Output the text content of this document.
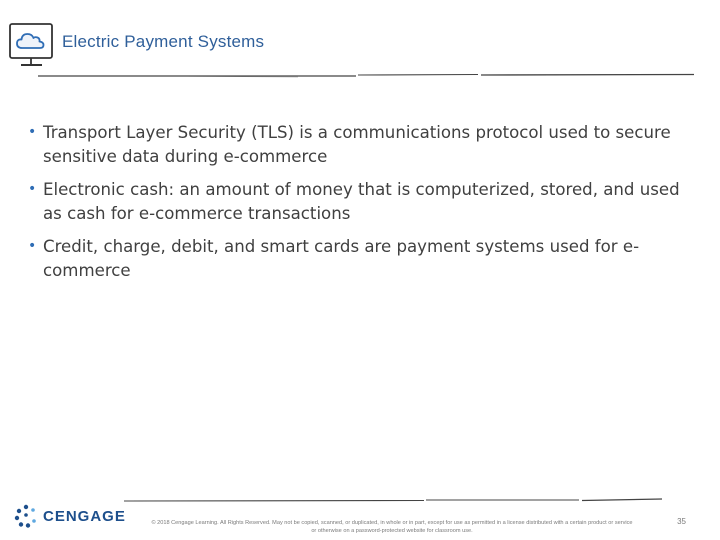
Electric Payment Systems
• Transport Layer Security (TLS) is a communications protocol used to secure sensitive data during e-commerce
• Electronic cash: an amount of money that is computerized, stored, and used as cash for e-commerce transactions
• Credit, charge, debit, and smart cards are payment systems used for e-commerce
CENGAGE	© 2018 Cengage Learning. All Rights Reserved. May not be copied, scanned, or duplicated, in whole or in part, except for use as permitted in a license distributed with a certain product or service
or otherwise on a password-protected website for classroom use.
35
